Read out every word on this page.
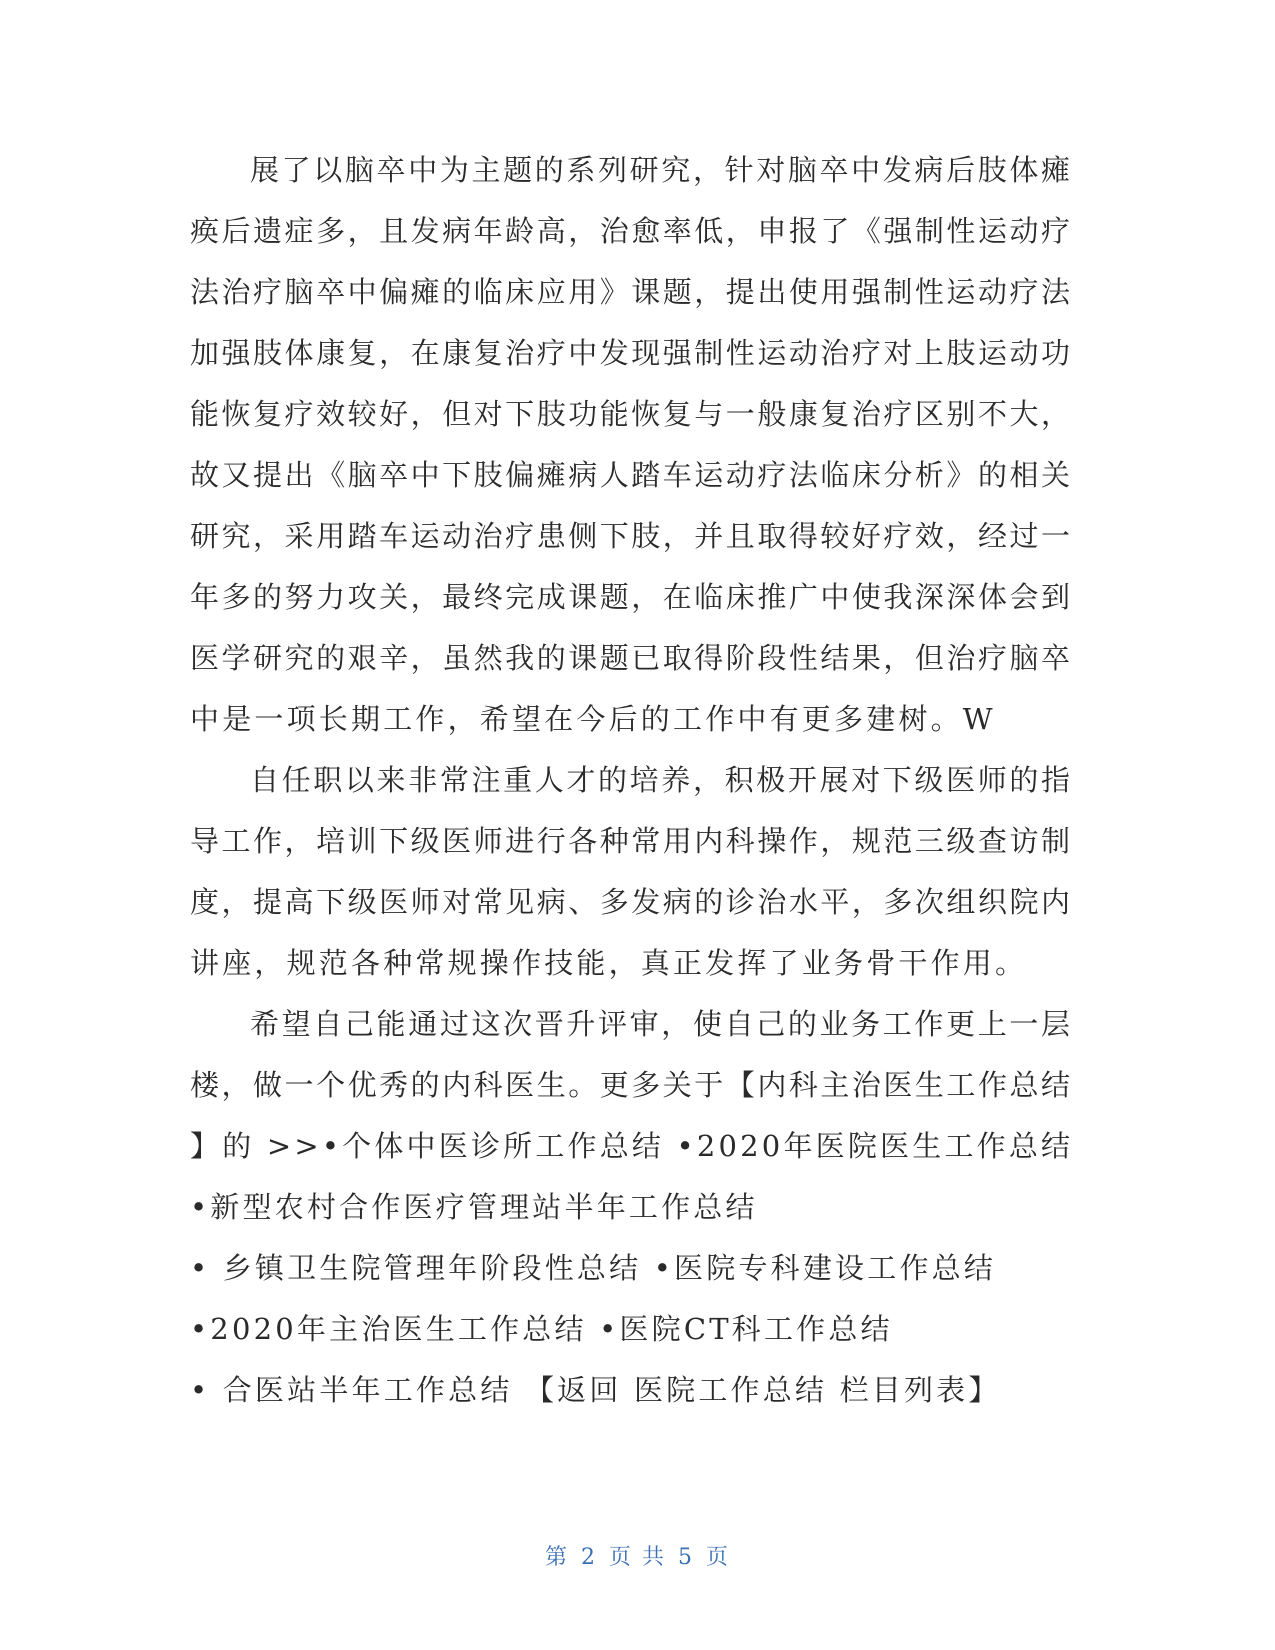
展了以脑卒中为主题的系列研究，针对脑卒中发病后肢体瘫
痪后遗症多，且发病年龄高，治愈率低，申报了《强制性运动疗
法治疗脑卒中偏瘫的临床应用》课题，提出使用强制性运动疗法
加强肢体康复，在康复治疗中发现强制性运动治疗对上肢运动功
能恢复疗效较好，但对下肢功能恢复与一般康复治疗区别不大，
故又提出《脑卒中下肢偏瘫病人踏车运动疗法临床分析》的相关
研究，采用踏车运动治疗患侧下肢，并且取得较好疗效，经过一
年多的努力攻关，最终完成课题，在临床推广中使我深深体会到
医学研究的艰辛，虽然我的课题已取得阶段性结果，但治疗脑卒
中是一项长期工作，希望在今后的工作中有更多建树。W
自任职以来非常注重人才的培养，积极开展对下级医师的指
导工作，培训下级医师进行各种常用内科操作，规范三级查访制
度，提高下级医师对常见病、多发病的诊治水平，多次组织院内
讲座，规范各种常规操作技能，真正发挥了业务骨干作用。
希望自己能通过这次晋升评审，使自己的业务工作更上一层
楼，做一个优秀的内科医生。更多关于【内科主治医生工作总结
】的 >>•个体中医诊所工作总结 •2020年医院医生工作总结
•新型农村合作医疗管理站半年工作总结
• 乡镇卫生院管理年阶段性总结 •医院专科建设工作总结
•2020年主治医生工作总结 •医院CT科工作总结
• 合医站半年工作总结 【返回 医院工作总结 栏目列表】
第 2 页 共 5 页
